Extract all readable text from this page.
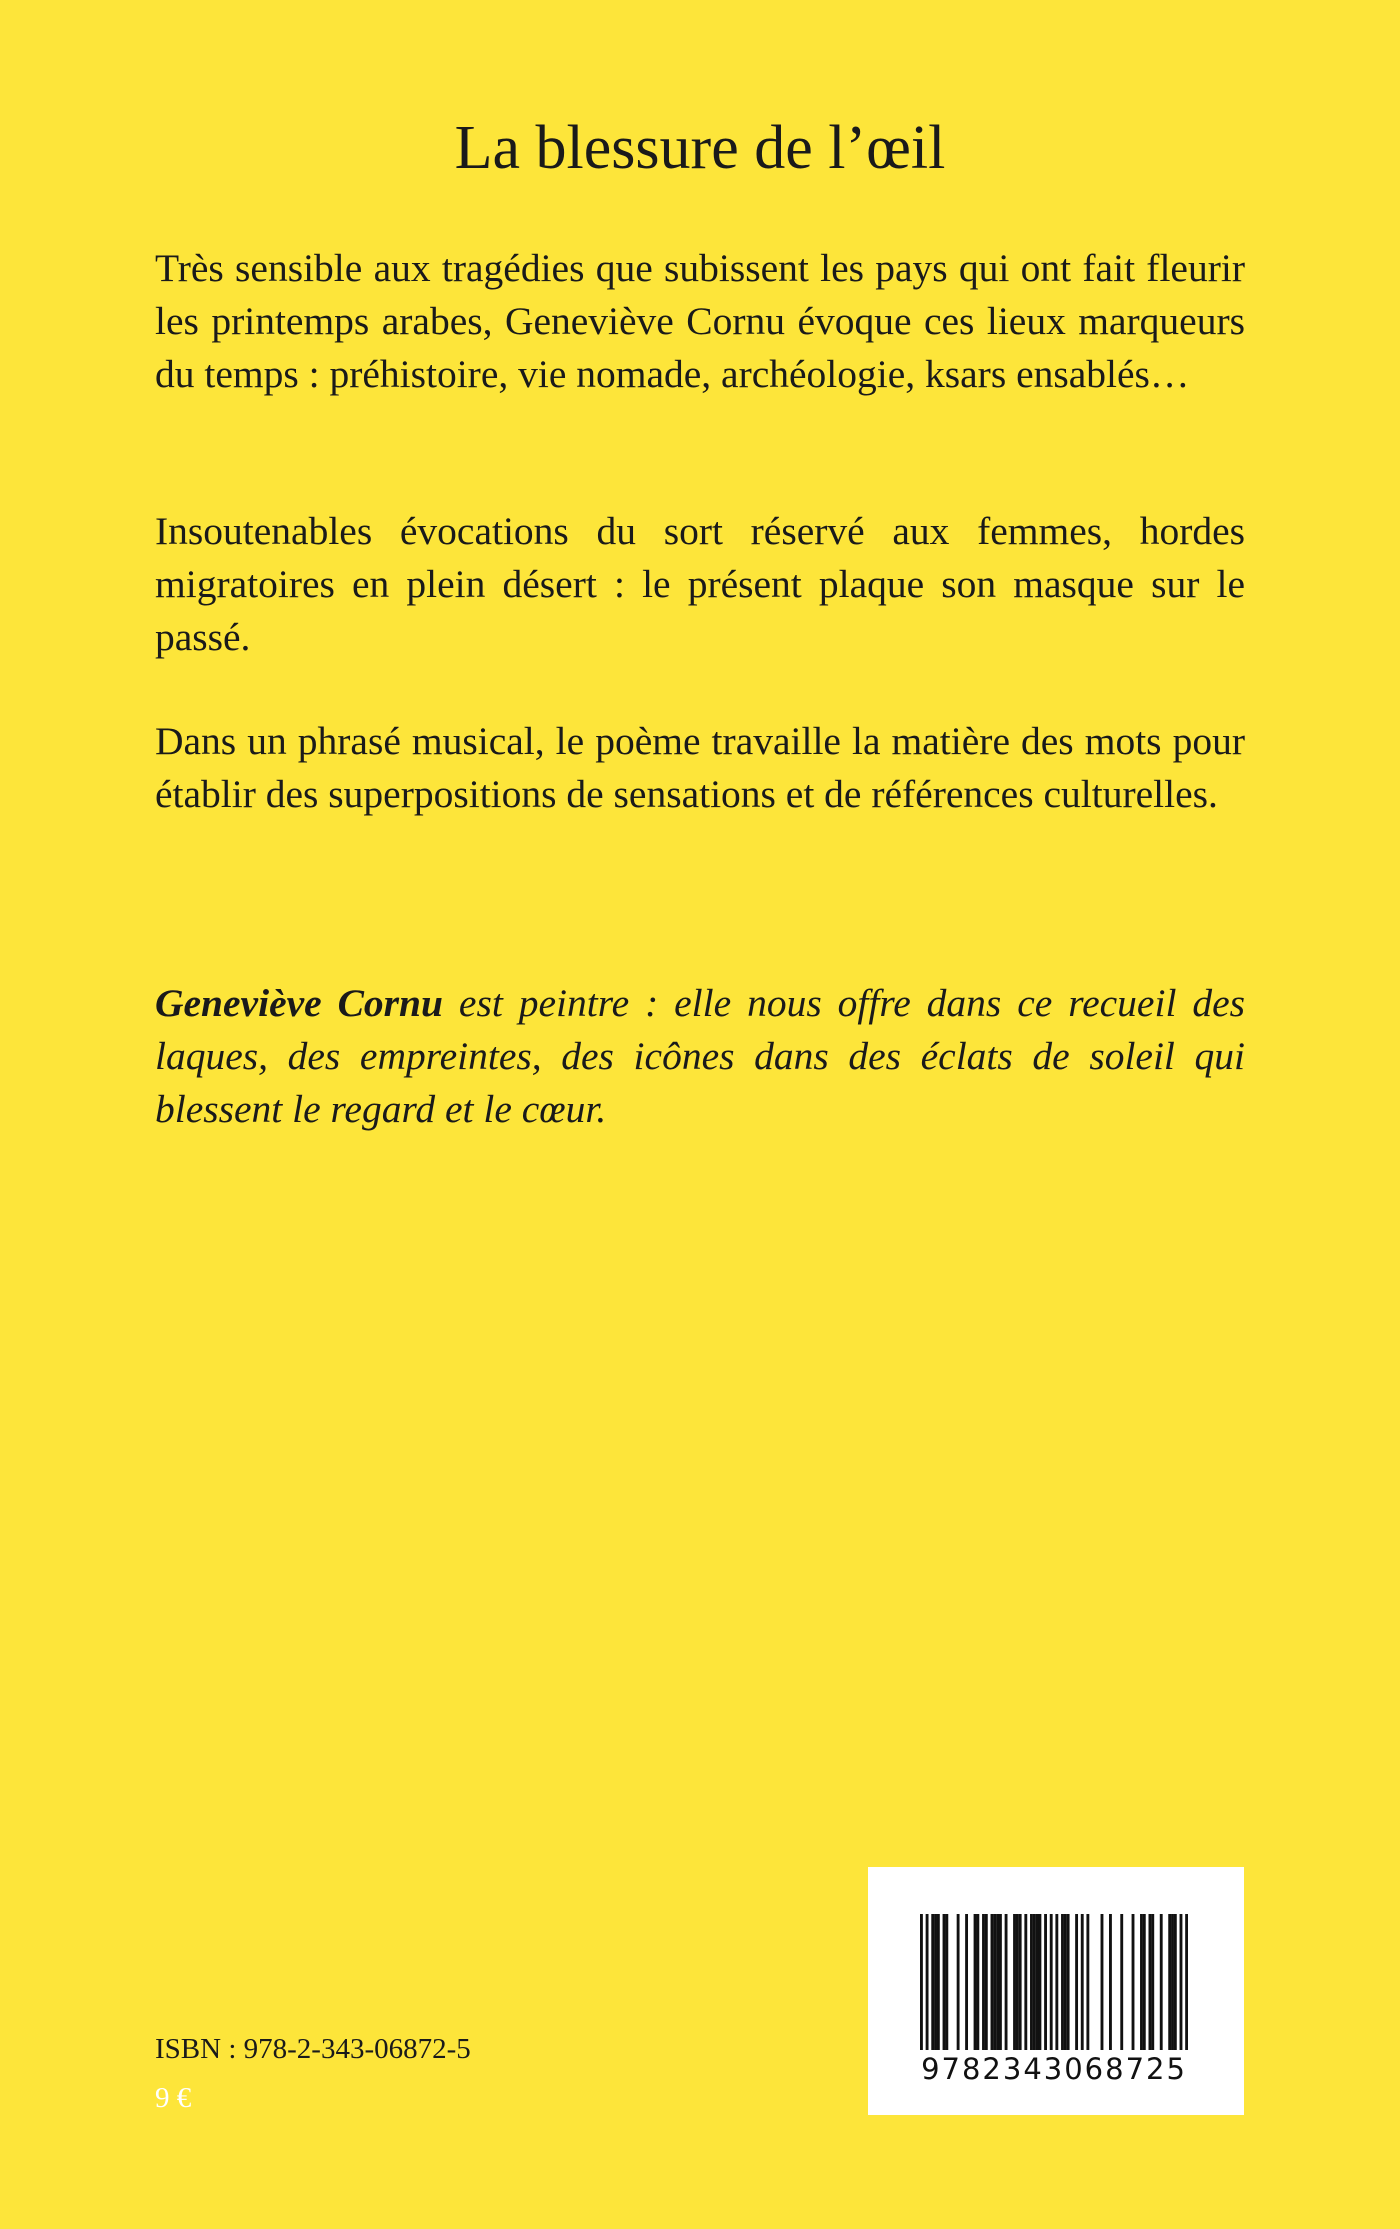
La blessure de l’œil

Très sensible aux tragédies que subissent les pays qui ont fait fleurir les printemps arabes, Geneviève Cornu évoque ces lieux marqueurs du temps : préhistoire, vie nomade, archéologie, ksars ensablés…

Insoutenables évocations du sort réservé aux femmes, hordes migratoires en plein désert : le présent plaque son masque sur le passé.

Dans un phrasé musical, le poème travaille la matière des mots pour établir des superpositions de sensations et de références culturelles.

Geneviève Cornu est peintre : elle nous offre dans ce recueil des laques, des empreintes, des icônes dans des éclats de soleil qui blessent le regard et le cœur.

ISBN : 978-2-343-06872-5
9 €
9782343068725
